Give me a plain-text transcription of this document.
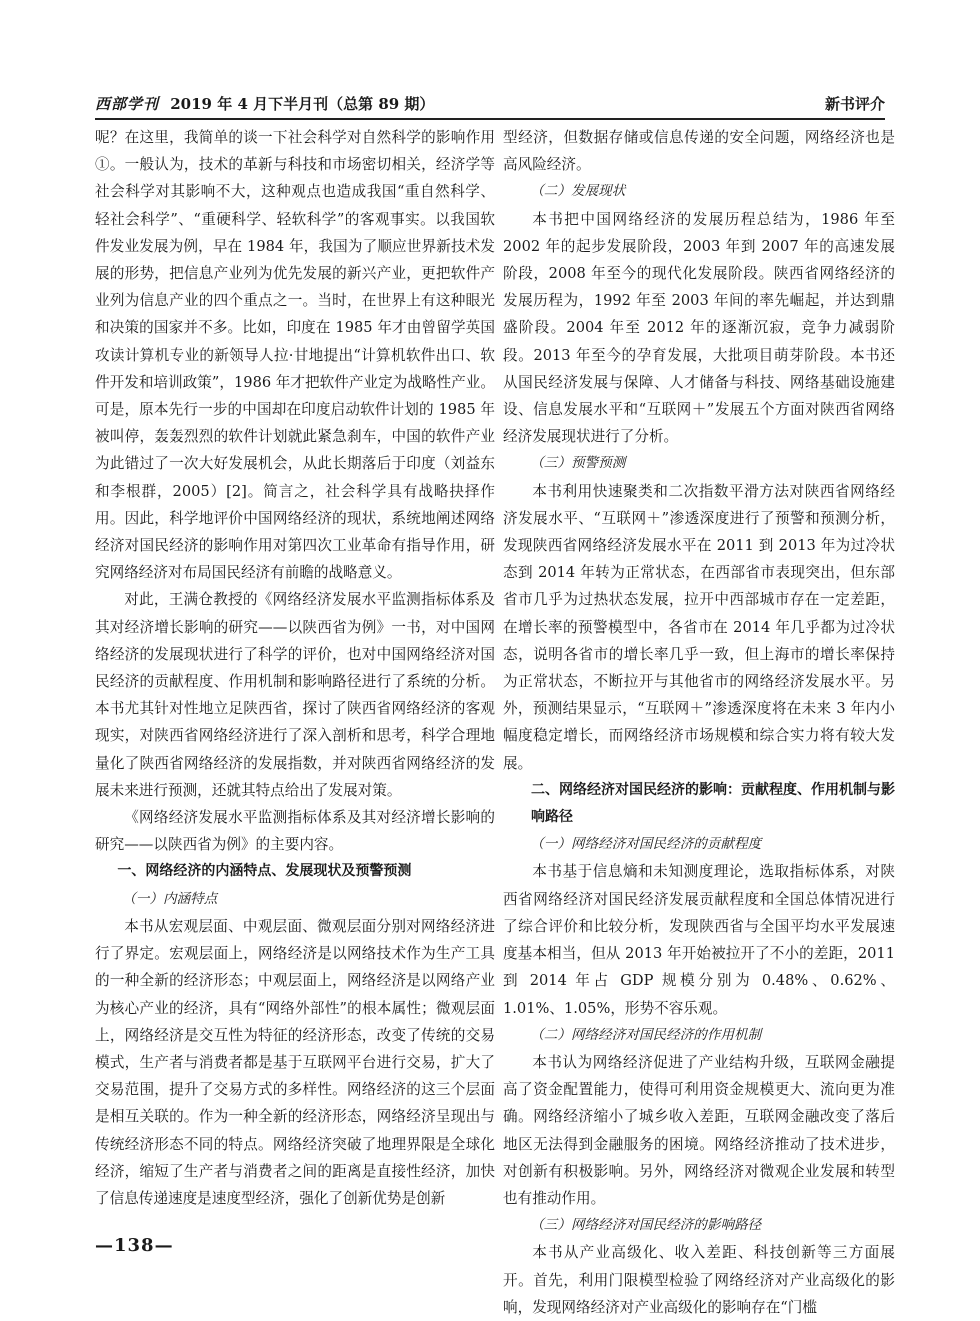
西部学刊 2019 年 4 月下半月刊（总第 89 期）	新书评介

呢？在这里，我简单的谈一下社会科学对自然科学的影响作用①。一般认为，技术的革新与科技和市场密切相关，经济学等社会科学对其影响不大，这种观点也造成我国“重自然科学、轻社会科学”、“重硬科学、轻软科学”的客观事实。以我国软件发业发展为例，早在 1984 年，我国为了顺应世界新技术发展的形势，把信息产业列为优先发展的新兴产业，更把软件产业列为信息产业的四个重点之一。当时，在世界上有这种眼光和决策的国家并不多。比如，印度在 1985 年才由曾留学英国攻读计算机专业的新领导人拉·甘地提出“计算机软件出口、软件开发和培训政策”，1986 年才把软件产业定为战略性产业。可是，原本先行一步的中国却在印度启动软件计划的 1985 年被叫停，轰轰烈烈的软件计划就此紧急刹车，中国的软件产业为此错过了一次大好发展机会，从此长期落后于印度（刘益东和李根群，2005）[2]。简言之，社会科学具有战略抉择作用。因此，科学地评价中国网络经济的现状，系统地阐述网络经济对国民经济的影响作用对第四次工业革命有指导作用，研究网络经济对布局国民经济有前瞻的战略意义。

对此，王满仓教授的《网络经济发展水平监测指标体系及其对经济增长影响的研究——以陕西省为例》一书，对中国网络经济的发展现状进行了科学的评价，也对中国网络经济对国民经济的贡献程度、作用机制和影响路径进行了系统的分析。本书尤其针对性地立足陕西省，探讨了陕西省网络经济的客观现实，对陕西省网络经济进行了深入剖析和思考，科学合理地量化了陕西省网络经济的发展指数，并对陕西省网络经济的发展未来进行预测，还就其特点给出了发展对策。

《网络经济发展水平监测指标体系及其对经济增长影响的研究——以陕西省为例》的主要内容。

一、网络经济的内涵特点、发展现状及预警预测

（一）内涵特点

本书从宏观层面、中观层面、微观层面分别对网络经济进行了界定。宏观层面上，网络经济是以网络技术作为生产工具的一种全新的经济形态；中观层面上，网络经济是以网络产业为核心产业的经济，具有“网络外部性”的根本属性；微观层面上，网络经济是交互性为特征的经济形态，改变了传统的交易模式，生产者与消费者都是基于互联网平台进行交易，扩大了交易范围，提升了交易方式的多样性。网络经济的这三个层面是相互关联的。作为一种全新的经济形态，网络经济呈现出与传统经济形态不同的特点。网络经济突破了地理界限是全球化经济，缩短了生产者与消费者之间的距离是直接性经济，加快了信息传递速度是速度型经济，强化了创新优势是创新

型经济，但数据存储或信息传递的安全问题，网络经济也是高风险经济。

（二）发展现状

本书把中国网络经济的发展历程总结为，1986 年至 2002 年的起步发展阶段，2003 年到 2007 年的高速发展阶段，2008 年至今的现代化发展阶段。陕西省网络经济的发展历程为，1992 年至 2003 年间的率先崛起，并达到鼎盛阶段。2004 年至 2012 年的逐渐沉寂，竞争力减弱阶段。2013 年至今的孕育发展，大批项目萌芽阶段。本书还从国民经济发展与保障、人才储备与科技、网络基础设施建设、信息发展水平和“互联网＋”发展五个方面对陕西省网络经济发展现状进行了分析。

（三）预警预测

本书利用快速聚类和二次指数平滑方法对陕西省网络经济发展水平、“互联网＋”渗透深度进行了预警和预测分析，发现陕西省网络经济发展水平在 2011 到 2013 年为过冷状态到 2014 年转为正常状态，在西部省市表现突出，但东部省市几乎为过热状态发展，拉开中西部城市存在一定差距，在增长率的预警模型中，各省市在 2014 年几乎都为过冷状态，说明各省市的增长率几乎一致，但上海市的增长率保持为正常状态，不断拉开与其他省市的网络经济发展水平。另外，预测结果显示，“互联网＋”渗透深度将在未来 3 年内小幅度稳定增长，而网络经济市场规模和综合实力将有较大发展。

二、网络经济对国民经济的影响：贡献程度、作用机制与影响路径

（一）网络经济对国民经济的贡献程度

本书基于信息熵和未知测度理论，选取指标体系，对陕西省网络经济对国民经济发展贡献程度和全国总体情况进行了综合评价和比较分析，发现陕西省与全国平均水平发展速度基本相当，但从 2013 年开始被拉开了不小的差距，2011 到 2014 年占 GDP 规模分别为 0.48%、0.62%、1.01%、1.05%，形势不容乐观。

（二）网络经济对国民经济的作用机制

本书认为网络经济促进了产业结构升级，互联网金融提高了资金配置能力，使得可利用资金规模更大、流向更为准确。网络经济缩小了城乡收入差距，互联网金融改变了落后地区无法得到金融服务的困境。网络经济推动了技术进步，对创新有积极影响。另外，网络经济对微观企业发展和转型也有推动作用。

（三）网络经济对国民经济的影响路径

本书从产业高级化、收入差距、科技创新等三方面展开。首先，利用门限模型检验了网络经济对产业高级化的影响，发现网络经济对产业高级化的影响存在“门槛

—138—
